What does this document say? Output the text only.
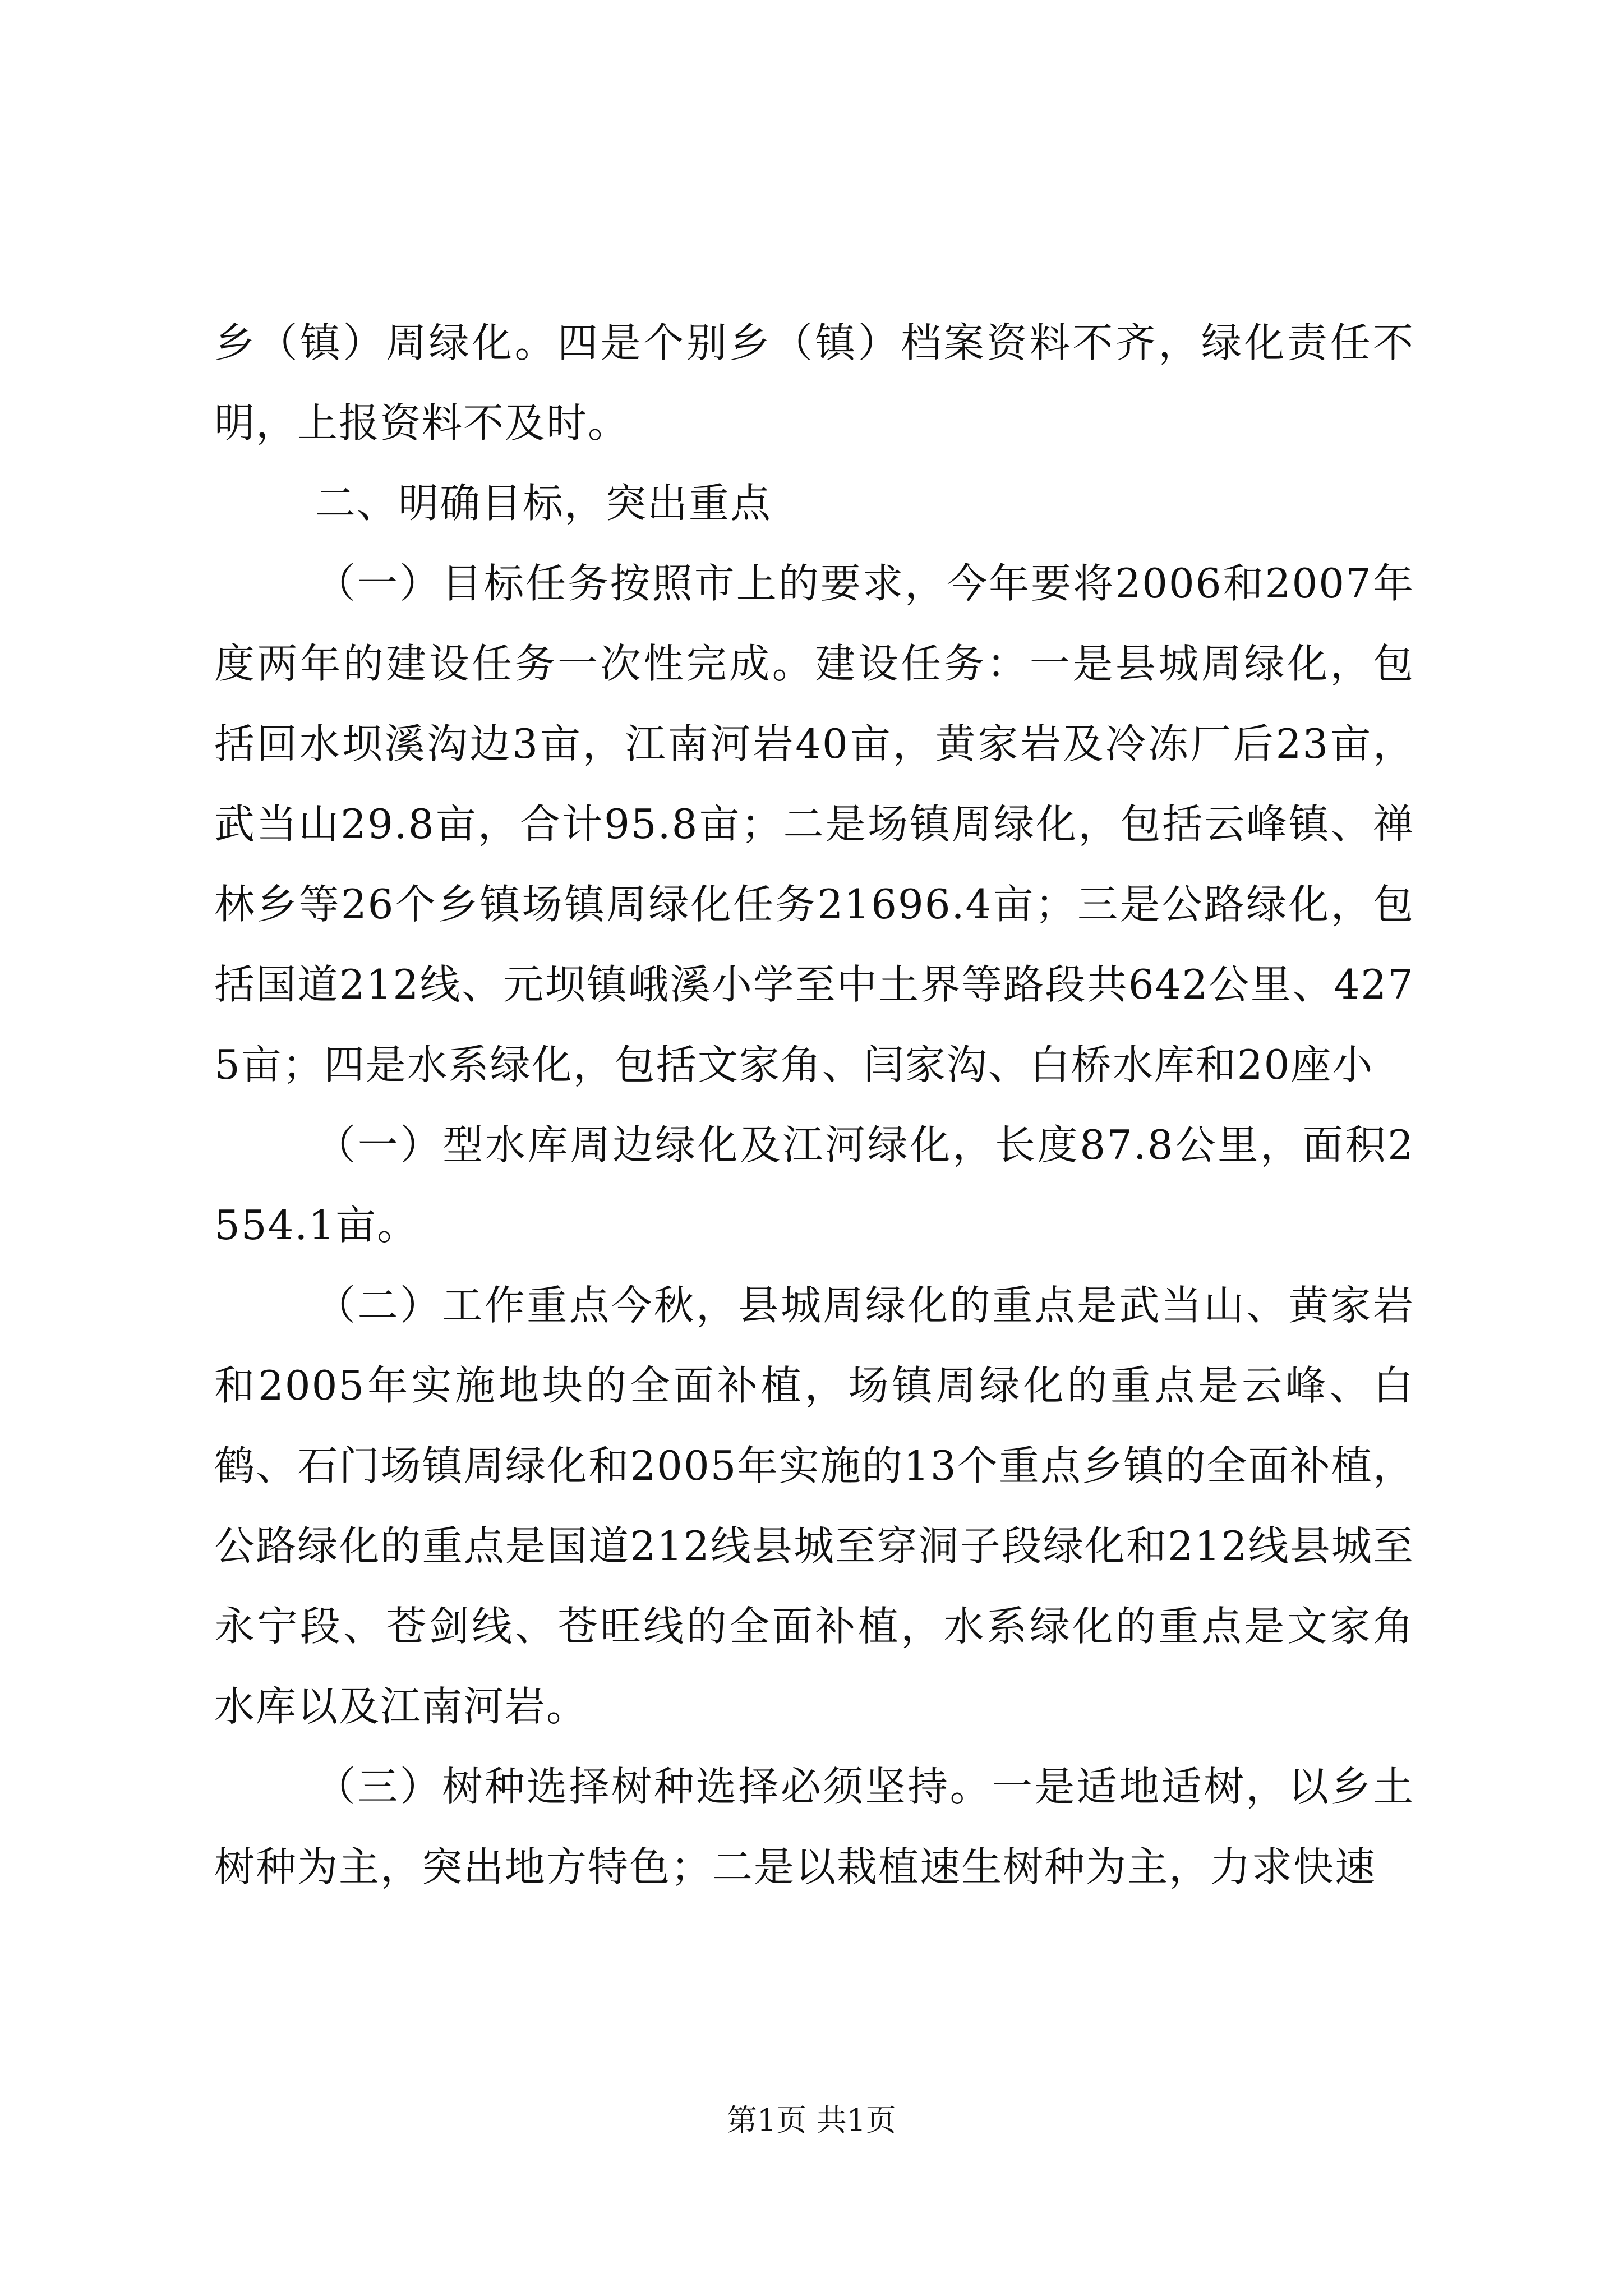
乡（镇）周绿化。四是个别乡（镇）档案资料不齐，绿化责任不明，上报资料不及时。

二、明确目标，突出重点

（一）目标任务按照市上的要求，今年要将2006和2007年度两年的建设任务一次性完成。建设任务：一是县城周绿化，包括回水坝溪沟边3亩，江南河岩40亩，黄家岩及冷冻厂后23亩，武当山29.8亩，合计95.8亩；二是场镇周绿化，包括云峰镇、禅林乡等26个乡镇场镇周绿化任务21696.4亩；三是公路绿化，包括国道212线、元坝镇峨溪小学至中土界等路段共642公里、4275亩；四是水系绿化，包括文家角、闫家沟、白桥水库和20座小

（一）型水库周边绿化及江河绿化，长度87.8公里，面积2554.1亩。

（二）工作重点今秋，县城周绿化的重点是武当山、黄家岩和2005年实施地块的全面补植，场镇周绿化的重点是云峰、白鹤、石门场镇周绿化和2005年实施的13个重点乡镇的全面补植，公路绿化的重点是国道212线县城至穿洞子段绿化和212线县城至永宁段、苍剑线、苍旺线的全面补植，水系绿化的重点是文家角水库以及江南河岩。

（三）树种选择树种选择必须坚持。一是适地适树，以乡土树种为主，突出地方特色；二是以栽植速生树种为主，力求快速

第1页 共1页
